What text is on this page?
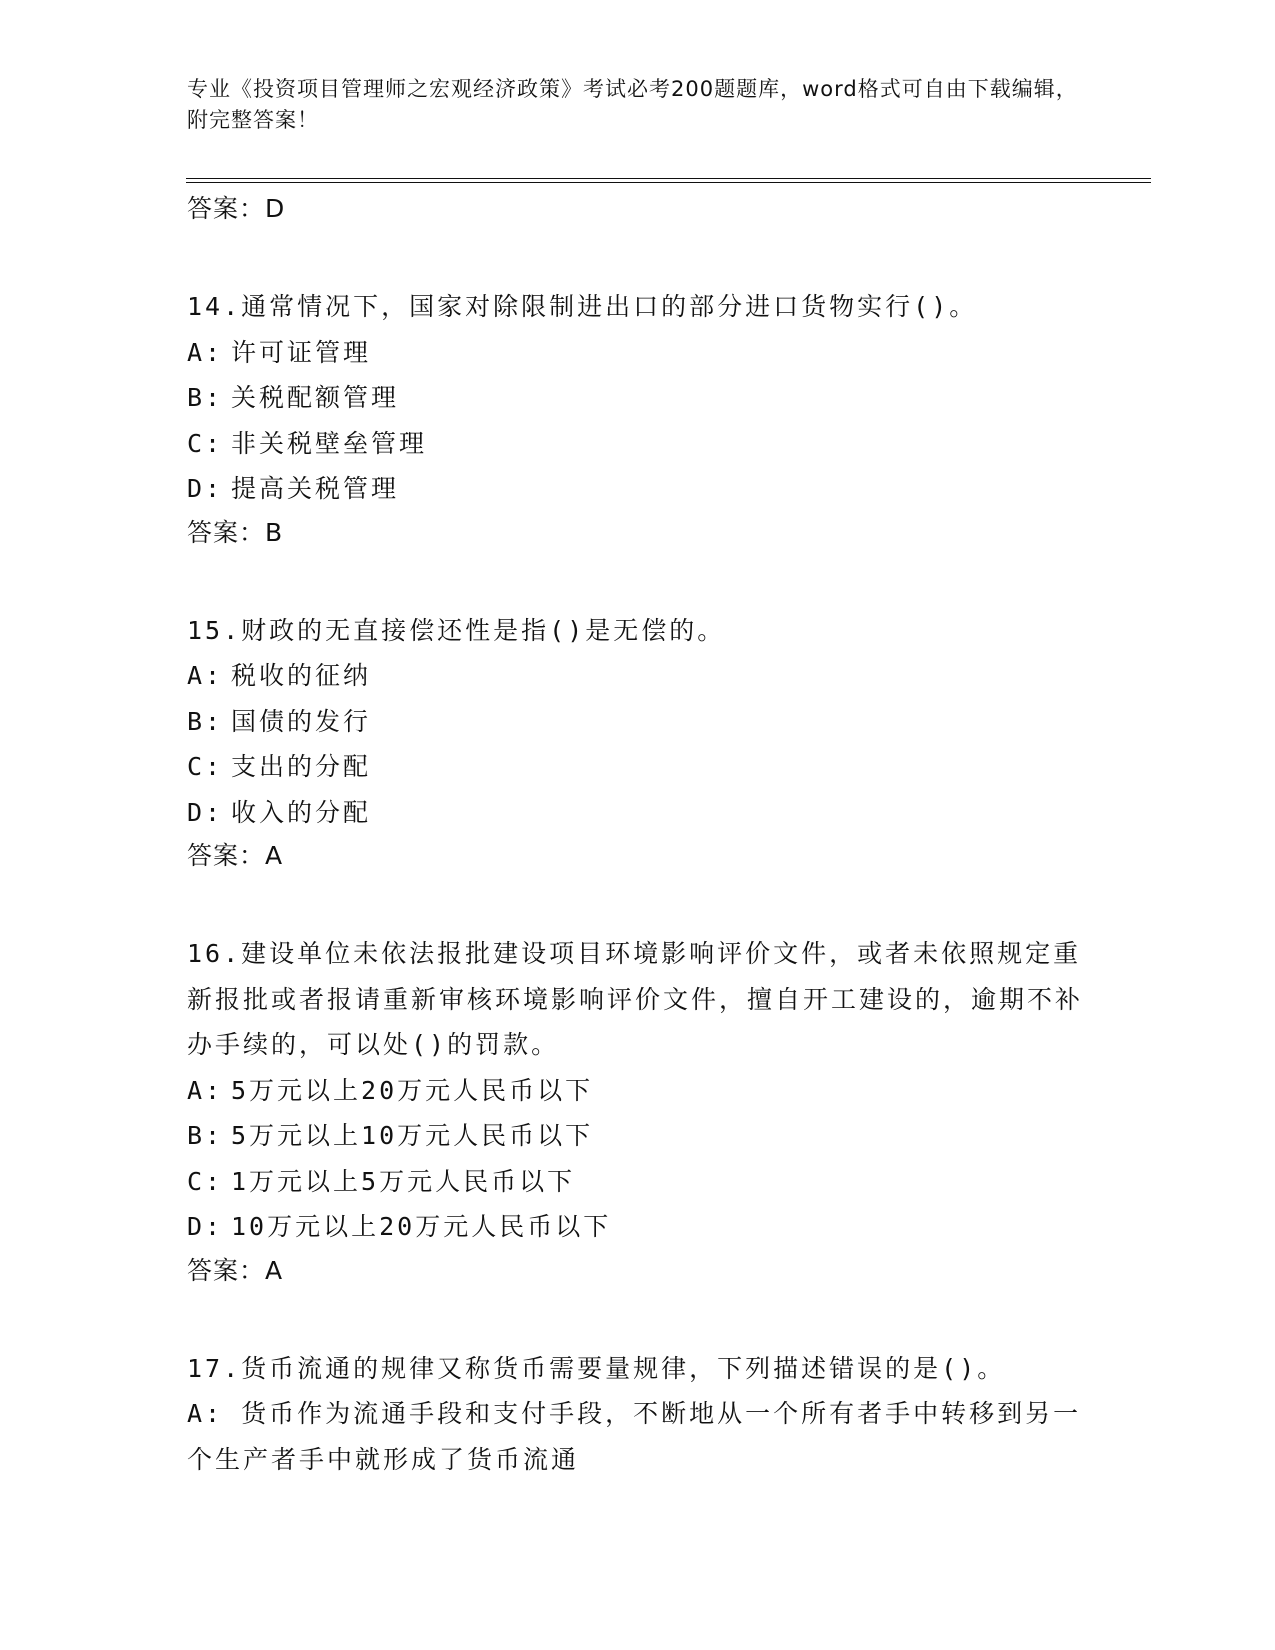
专业《投资项目管理师之宏观经济政策》考试必考200题题库，word格式可自由下载编辑，附完整答案！

答案：D

14.通常情况下，国家对除限制进出口的部分进口货物实行()。

A: 许可证管理

B: 关税配额管理

C: 非关税壁垒管理

D: 提高关税管理

答案：B

15.财政的无直接偿还性是指()是无偿的。

A: 税收的征纳

B: 国债的发行

C: 支出的分配

D: 收入的分配

答案：A

16.建设单位未依法报批建设项目环境影响评价文件，或者未依照规定重新报批或者报请重新审核环境影响评价文件，擅自开工建设的，逾期不补办手续的，可以处()的罚款。

A: 5万元以上20万元人民币以下

B: 5万元以上10万元人民币以下

C: 1万元以上5万元人民币以下

D: 10万元以上20万元人民币以下

答案：A

17.货币流通的规律又称货币需要量规律，下列描述错误的是()。

A: 货币作为流通手段和支付手段，不断地从一个所有者手中转移到另一个生产者手中就形成了货币流通
